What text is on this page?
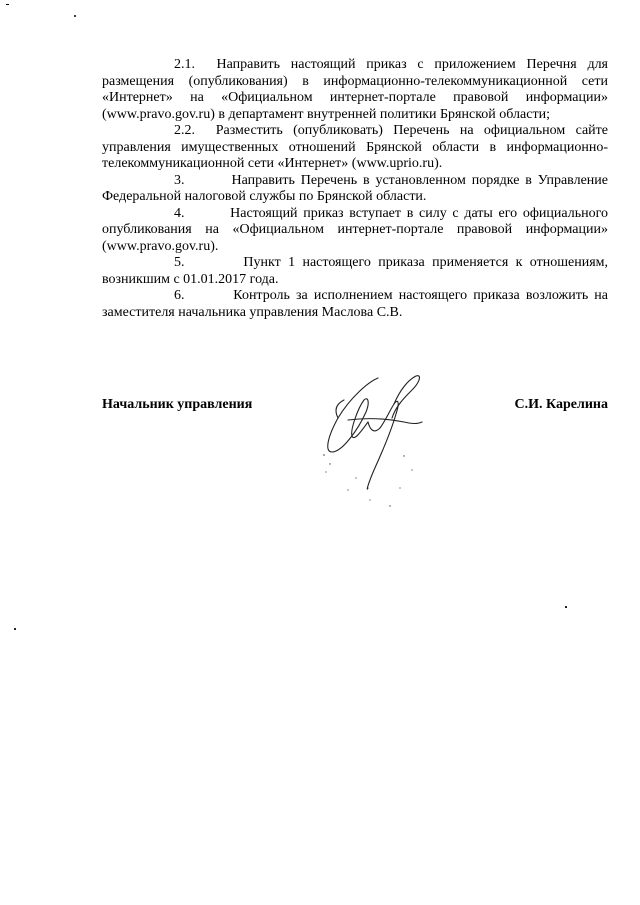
2.1. Направить настоящий приказ с приложением Перечня для размещения (опубликования) в информационно-телекоммуникационной сети «Интернет» на «Официальном интернет-портале правовой информации» (www.pravo.gov.ru) в департамент внутренней политики Брянской области;

2.2. Разместить (опубликовать) Перечень на официальном сайте управления имущественных отношений Брянской области в информационно-телекоммуникационной сети «Интернет» (www.uprio.ru).

3.	Направить Перечень в установленном порядке в Управление Федеральной налоговой службы по Брянской области.

4.	Настоящий приказ вступает в силу с даты его официального опубликования на «Официальном интернет-портале правовой информации» (www.pravo.gov.ru).

5.	Пункт 1 настоящего приказа применяется к отношениям, возникшим с 01.01.2017 года.

6.	Контроль за исполнением настоящего приказа возложить на заместителя начальника управления Маслова С.В.

Начальник управления	С.И. Карелина
